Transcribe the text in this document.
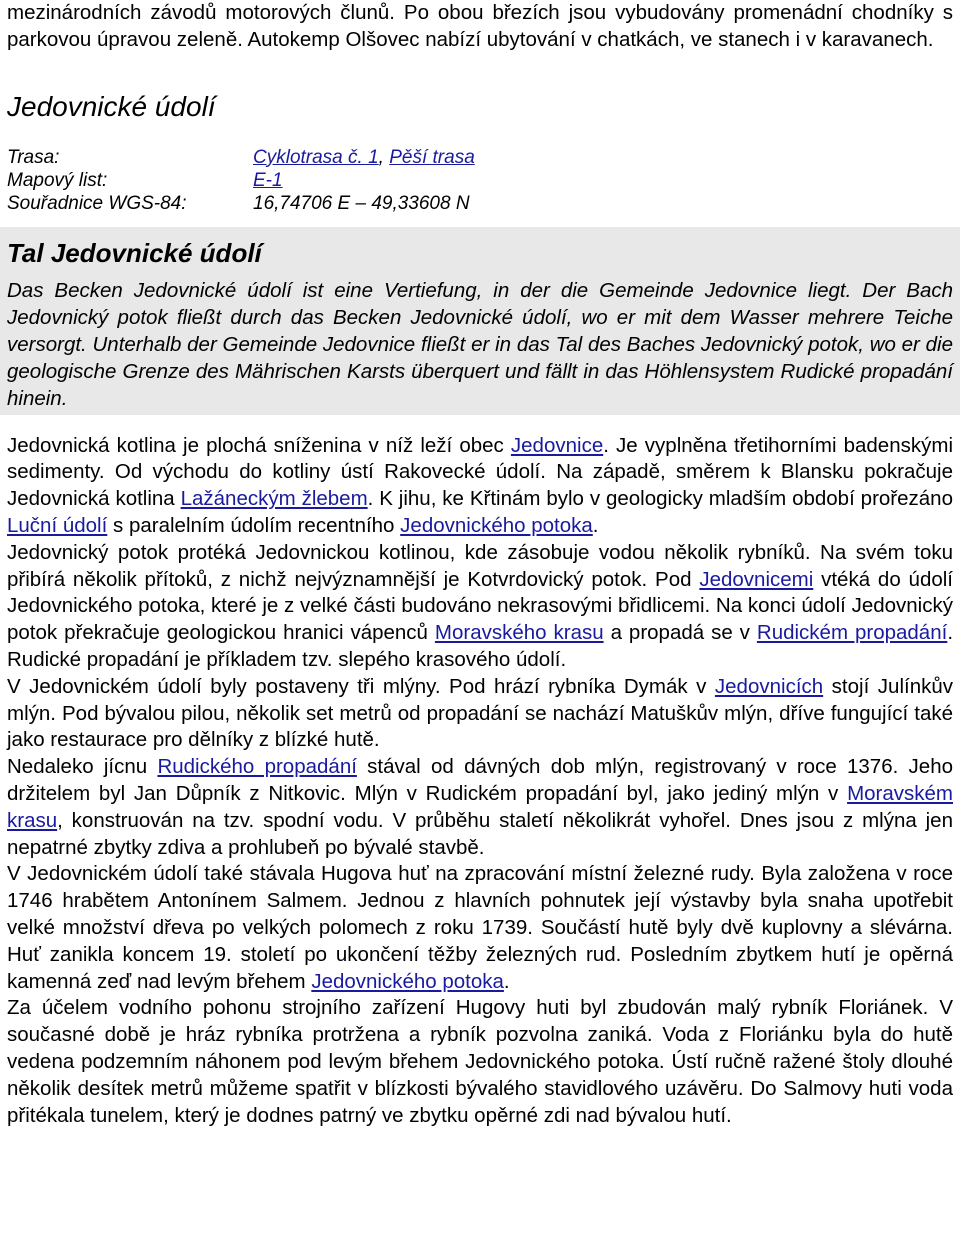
mezinárodních závodů motorových člunů. Po obou březích jsou vybudovány promenádní chodníky s parkovou úpravou zeleně. Autokemp Olšovec nabízí ubytování v chatkách, ve stanech i v karavanech.

Jedovnické údolí
Trasa:	Cyklotrasa č. 1, Pěší trasa
Mapový list:	E-1
Souřadnice WGS-84:	16,74706 E – 49,33608 N
Tal Jedovnické údolí

Das Becken Jedovnické údolí ist eine Vertiefung, in der die Gemeinde Jedovnice liegt. Der Bach Jedovnický potok fließt durch das Becken Jedovnické údolí, wo er mit dem Wasser mehrere Teiche versorgt. Unterhalb der Gemeinde Jedovnice fließt er in das Tal des Baches Jedovnický potok, wo er die geologische Grenze des Mährischen Karsts überquert und fällt in das Höhlensystem Rudické propadání hinein.

Jedovnická kotlina je plochá sníženina v níž leží obec Jedovnice. Je vyplněna třetihorními badenskými sedimenty. Od východu do kotliny ústí Rakovecké údolí. Na západě, směrem k Blansku pokračuje Jedovnická kotlina Lažáneckým žlebem. K jihu, ke Křtinám bylo v geologicky mladším období prořezáno Luční údolí s paralelním údolím recentního Jedovnického potoka.

Jedovnický potok protéká Jedovnickou kotlinou, kde zásobuje vodou několik rybníků. Na svém toku přibírá několik přítoků, z nichž nejvýznamnější je Kotvrdovický potok. Pod Jedovnicemi vtéká do údolí Jedovnického potoka, které je z velké části budováno nekrasovými břidlicemi. Na konci údolí Jedovnický potok překračuje geologickou hranici vápenců Moravského krasu a propadá se v Rudickém propadání. Rudické propadání je příkladem tzv. slepého krasového údolí.

V Jedovnickém údolí byly postaveny tři mlýny. Pod hrází rybníka Dymák v Jedovnicích stojí Julínkův mlýn. Pod bývalou pilou, několik set metrů od propadání se nachází Matuškův mlýn, dříve fungující také jako restaurace pro dělníky z blízké hutě.

Nedaleko jícnu Rudického propadání stával od dávných dob mlýn, registrovaný v roce 1376. Jeho držitelem byl Jan Důpník z Nitkovic. Mlýn v Rudickém propadání byl, jako jediný mlýn v Moravském krasu, konstruován na tzv. spodní vodu. V průběhu staletí několikrát vyhořel. Dnes jsou z mlýna jen nepatrné zbytky zdiva a prohlubeň po bývalé stavbě.

V Jedovnickém údolí také stávala Hugova huť na zpracování místní železné rudy. Byla založena v roce 1746 hrabětem Antonínem Salmem. Jednou z hlavních pohnutek její výstavby byla snaha upotřebit velké množství dřeva po velkých polomech z roku 1739. Součástí hutě byly dvě kuplovny a slévárna. Huť zanikla koncem 19. století po ukončení těžby železných rud. Posledním zbytkem hutí je opěrná kamenná zeď nad levým břehem Jedovnického potoka.

Za účelem vodního pohonu strojního zařízení Hugovy huti byl zbudován malý rybník Floriánek. V současné době je hráz rybníka protržena a rybník pozvolna zaniká. Voda z Floriánku byla do hutě vedena podzemním náhonem pod levým břehem Jedovnického potoka. Ústí ručně ražené štoly dlouhé několik desítek metrů můžeme spatřit v blízkosti bývalého stavidlového uzávěru. Do Salmovy huti voda přitékala tunelem, který je dodnes patrný ve zbytku opěrné zdi nad bývalou hutí.
